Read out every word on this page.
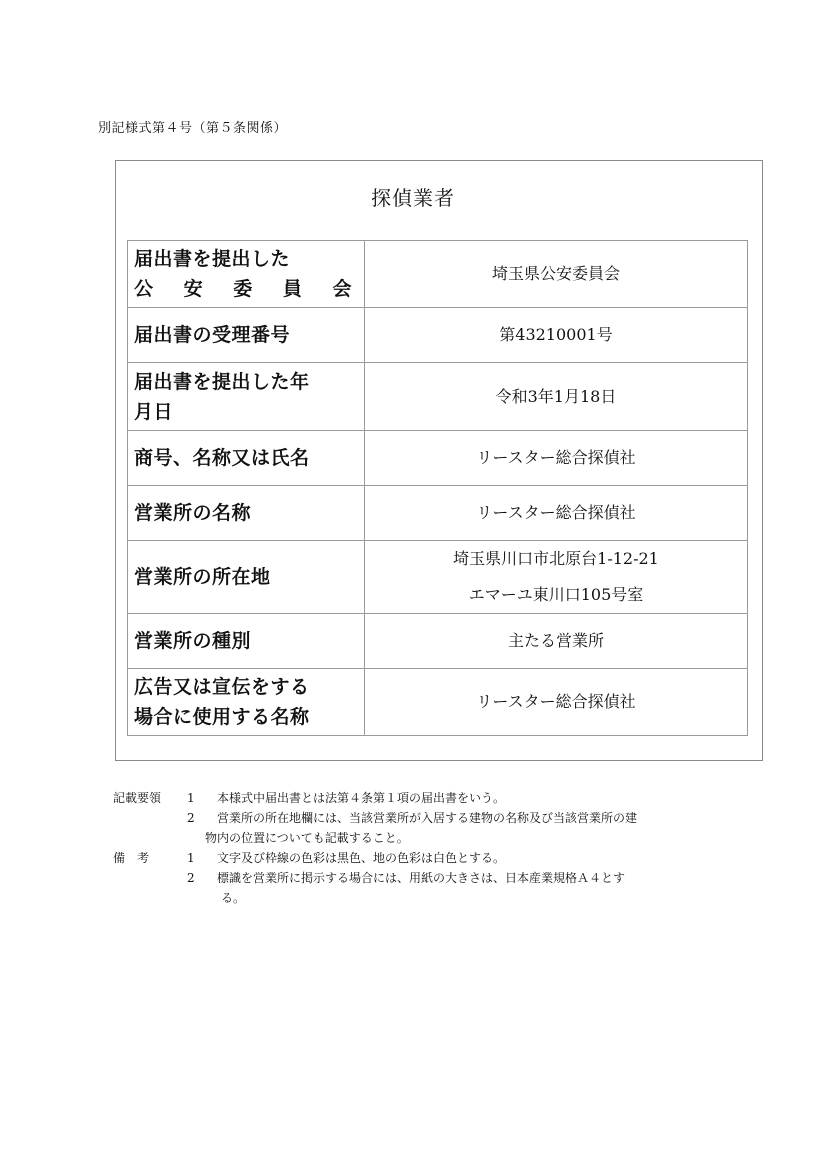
別記様式第４号（第５条関係）
探偵業者
届出書を提出した
公 安 委 員 会	埼玉県公安委員会
届出書の受理番号	第43210001号

届出書を提出した年
月日	令和3年1月18日
商号、名称又は氏名	リースター総合探偵社
営業所の名称	リースター総合探偵社
営業所の所在地	埼玉県川口市北原台1-12-21
エマーユ東川口105号室

営業所の種別	主たる営業所

広告又は宣伝をする
場合に使用する名称	リースター総合探偵社
記載要領 1 本様式中届出書とは法第４条第１項の届出書をいう。
2 営業所の所在地欄には、当該営業所が入居する建物の名称及び当該営業所の建
物内の位置についても記載すること。
備　考	1 文字及び枠線の色彩は黒色、地の色彩は白色とする。
2 標識を営業所に掲示する場合には、用紙の大きさは、日本産業規格Ａ４とす
る。
